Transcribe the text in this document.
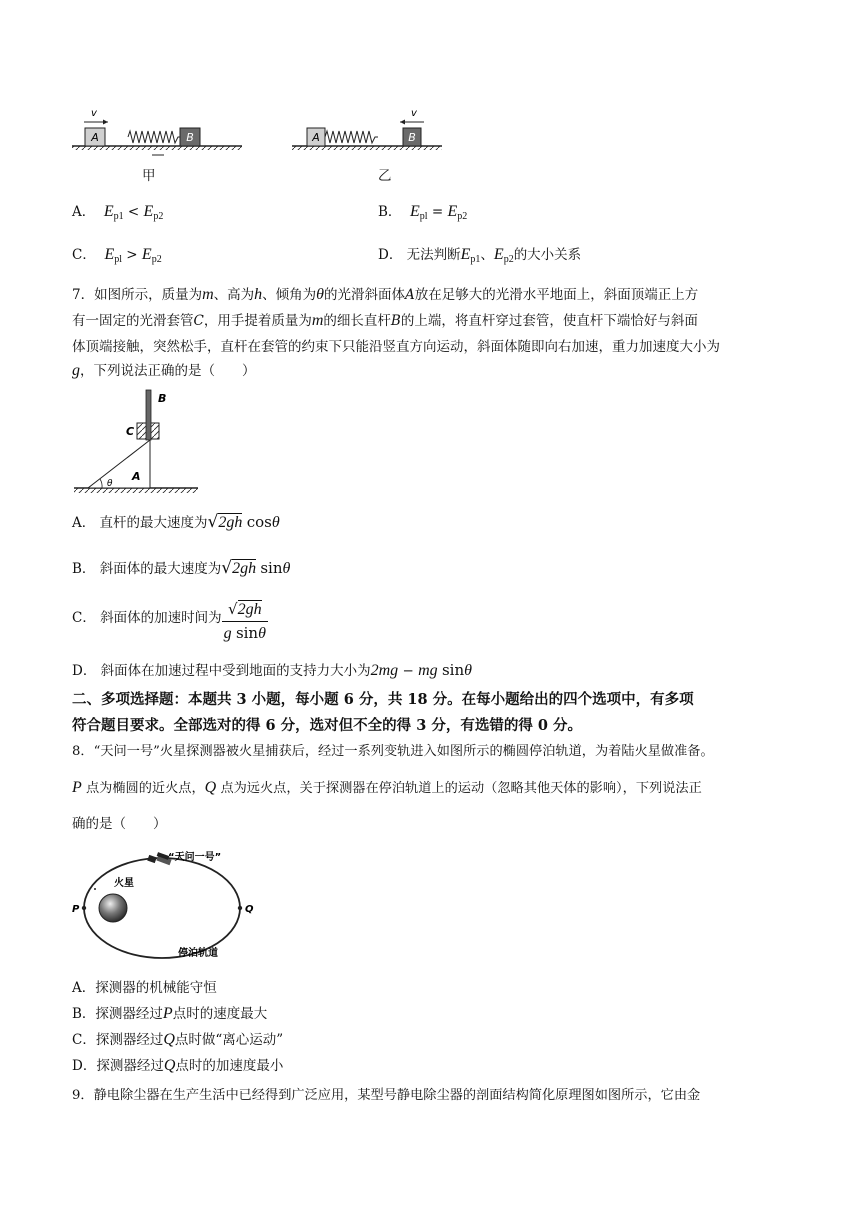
A	B
v
A	B
v
甲	乙
A． $E_{p1} < E_{p2}$	B． $E_{pl} = E_{p2}$
C． $E_{pl} > E_{p2}$	D． 无法判断$E_{p1}$、$E_{p2}$的大小关系
7．如图所示，质量为m、高为h、倾角为θ的光滑斜面体A放在足够大的光滑水平地面上，斜面顶端正上方
有一固定的光滑套管C，用手提着质量为m的细长直杆B的上端，将直杆穿过套管，使直杆下端恰好与斜面
体顶端接触，突然松手，直杆在套管的约束下只能沿竖直方向运动，斜面体随即向右加速，重力加速度大小为
g，下列说法正确的是（　　）
B
C
A
θ
A． 直杆的最大速度为√2gh cosθ
B． 斜面体的最大速度为√2gh sinθ
C． 斜面体的加速时间为 $\frac{√2gh}{\text{g sinθ}}$
D． 斜面体在加速过程中受到地面的支持力大小为2mg − mg sinθ
二、多项选择题：本题共 3 小题，每小题 6 分，共 18 分。在每小题给出的四个选项中，有多项
符合题目要求。全部选对的得 6 分，选对但不全的得 3 分，有选错的得 0 分。
8．“天问一号”火星探测器被火星捕获后，经过一系列变轨进入如图所示的椭圆停泊轨道，为着陆火星做准备。
P 点为椭圆的近火点，Q 点为远火点，关于探测器在停泊轨道上的运动（忽略其他天体的影响），下列说法正
确的是（　　）
“天问一号”
火星
P	Q
停泊轨道
A．探测器的机械能守恒
B．探测器经过P点时的速度最大
C．探测器经过Q点时做“离心运动”
D．探测器经过Q点时的加速度最小
9．静电除尘器在生产生活中已经得到广泛应用，某型号静电除尘器的剖面结构简化原理图如图所示，它由金
